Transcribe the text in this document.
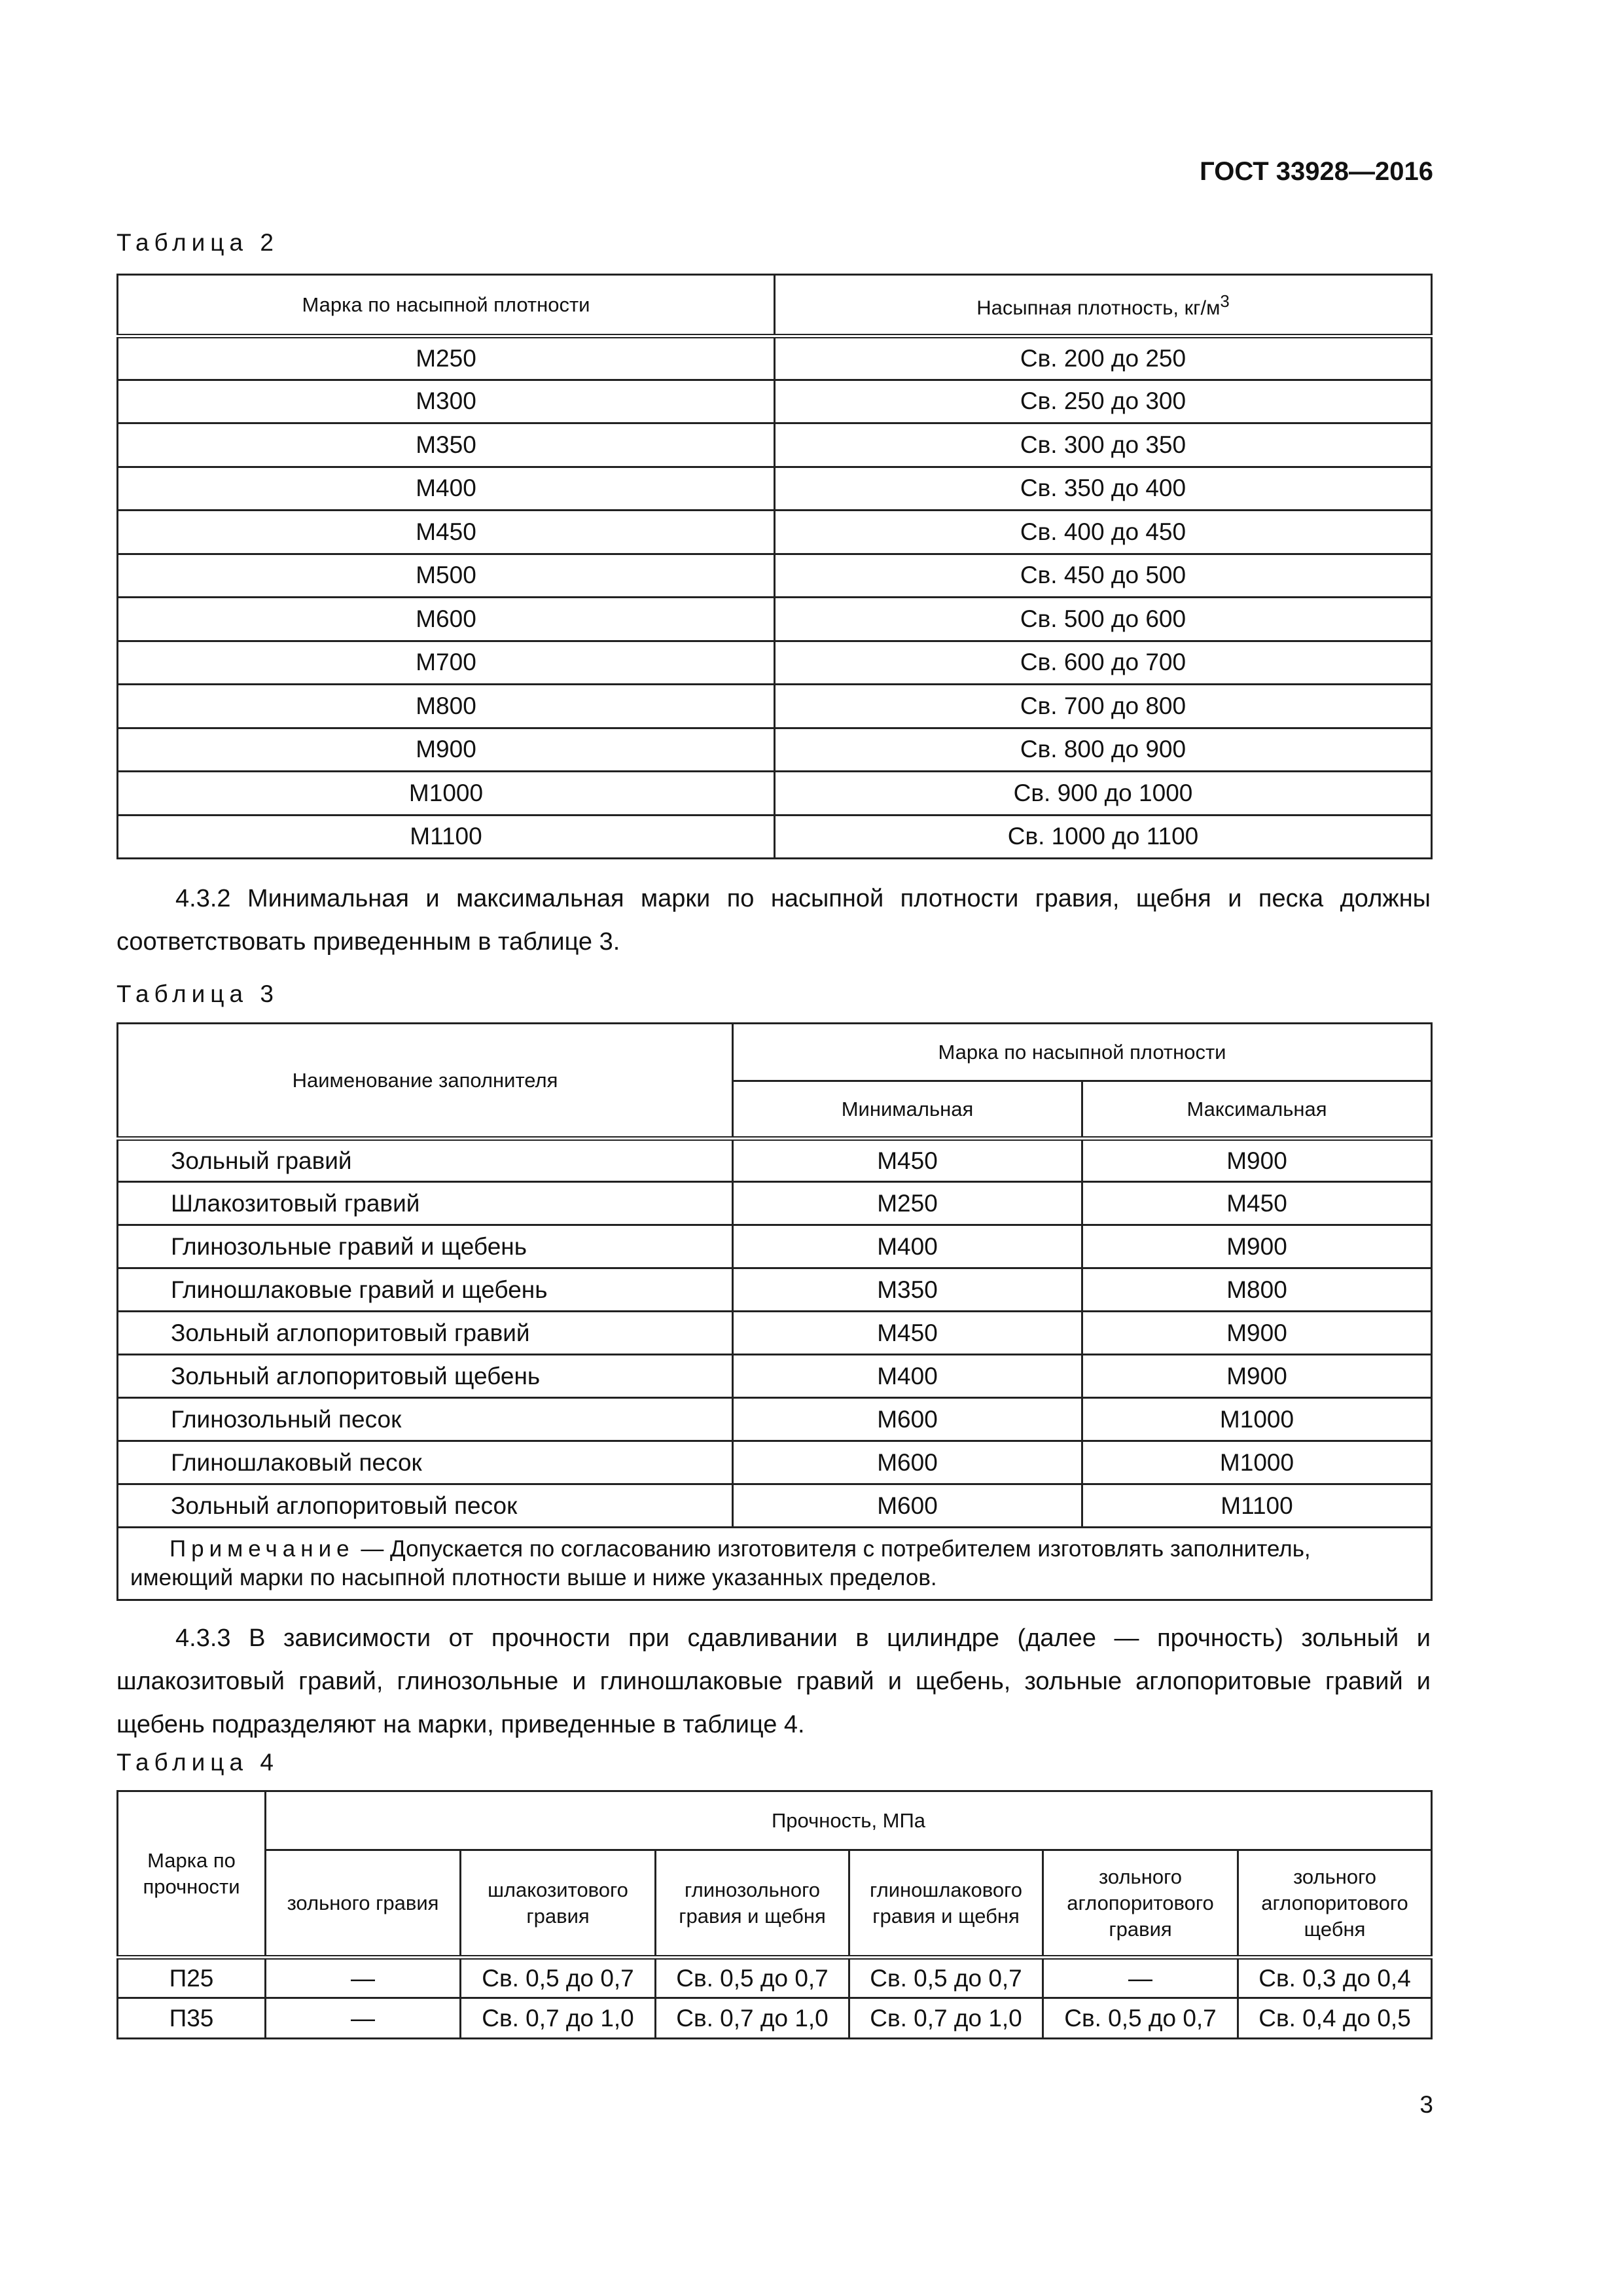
ГОСТ 33928—2016
Таблица 2
Марка по насыпной плотности	Насыпная плотность, $кг/м^3$
М250	Св. 200 до 250
М300	Св. 250 до 300
М350	Св. 300 до 350
М400	Св. 350 до 400
М450	Св. 400 до 450
М500	Св. 450 до 500
М600	Св. 500 до 600
М700	Св. 600 до 700
М800	Св. 700 до 800
М900	Св. 800 до 900
М1000	Св. 900 до 1000
М1100	Св. 1000 до 1100
4.3.2 Минимальная и максимальная марки по насыпной плотности гравия, щебня и песка должны соответствовать приведенным в таблице 3.
Таблица 3
Наименование заполнителя	Марка по насыпной плотности	
	Минимальная	Максимальная
Зольный гравий	М450	М900
Шлакозитовый гравий	М250	М450
Глинозольные гравий и щебень	М400	М900
Глиношлаковые гравий и щебень	М350	М800
Зольный аглопоритовый гравий	М450	М900
Зольный аглопоритовый щебень	М400	М900
Глинозольный песок	М600	М1000
Глиношлаковый песок	М600	М1000
Зольный аглопоритовый песок	М600	М1100
Примечание — Допускается по согласованию изготовителя с потребителем изготовлять заполнитель, имеющий марки по насыпной плотности выше и ниже указанных пределов.		
4.3.3 В зависимости от прочности при сдавливании в цилиндре (далее — прочность) зольный и шлакозитовый гравий, глинозольные и глиношлаковые гравий и щебень, зольные аглопоритовые гравий и щебень подразделяют на марки, приведенные в таблице 4.
Таблица 4
Марка по прочности	Прочность, МПа					
	зольного гравия	шлакозитового гравия	глинозольного гравия и щебня	глиношлакового гравия и щебня	зольного аглопоритового гравия	зольного аглопоритового щебня
П25	—	Св. 0,5 до 0,7	Св. 0,5 до 0,7	Св. 0,5 до 0,7	—	Св. 0,3 до 0,4
П35	—	Св. 0,7 до 1,0	Св. 0,7 до 1,0	Св. 0,7 до 1,0	Св. 0,5 до 0,7	Св. 0,4 до 0,5
3
